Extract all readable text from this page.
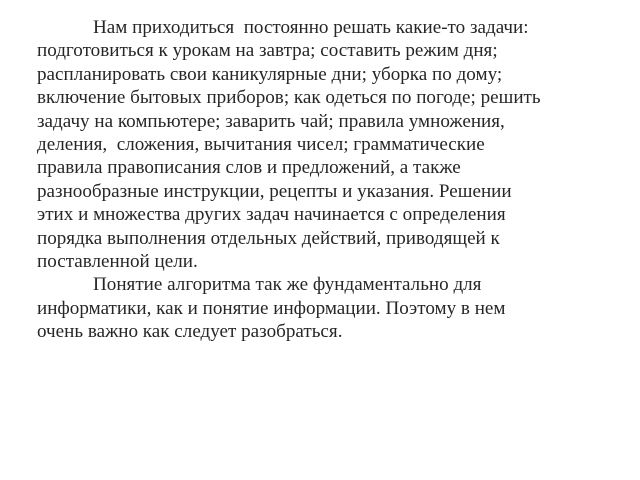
Нам приходиться  постоянно решать какие-то задачи:
подготовиться к урокам на завтра; составить режим дня;
распланировать свои каникулярные дни; уборка по дому;
включение бытовых приборов; как одеться по погоде; решить
задачу на компьютере; заварить чай; правила умножения,
деления,  сложения, вычитания чисел; грамматические
правила правописания слов и предложений, а также
разнообразные инструкции, рецепты и указания. Решении
этих и множества других задач начинается с определения
порядка выполнения отдельных действий, приводящей к
поставленной цели.
Понятие алгоритма так же фундаментально для
информатики, как и понятие информации. Поэтому в нем
очень важно как следует разобраться.
